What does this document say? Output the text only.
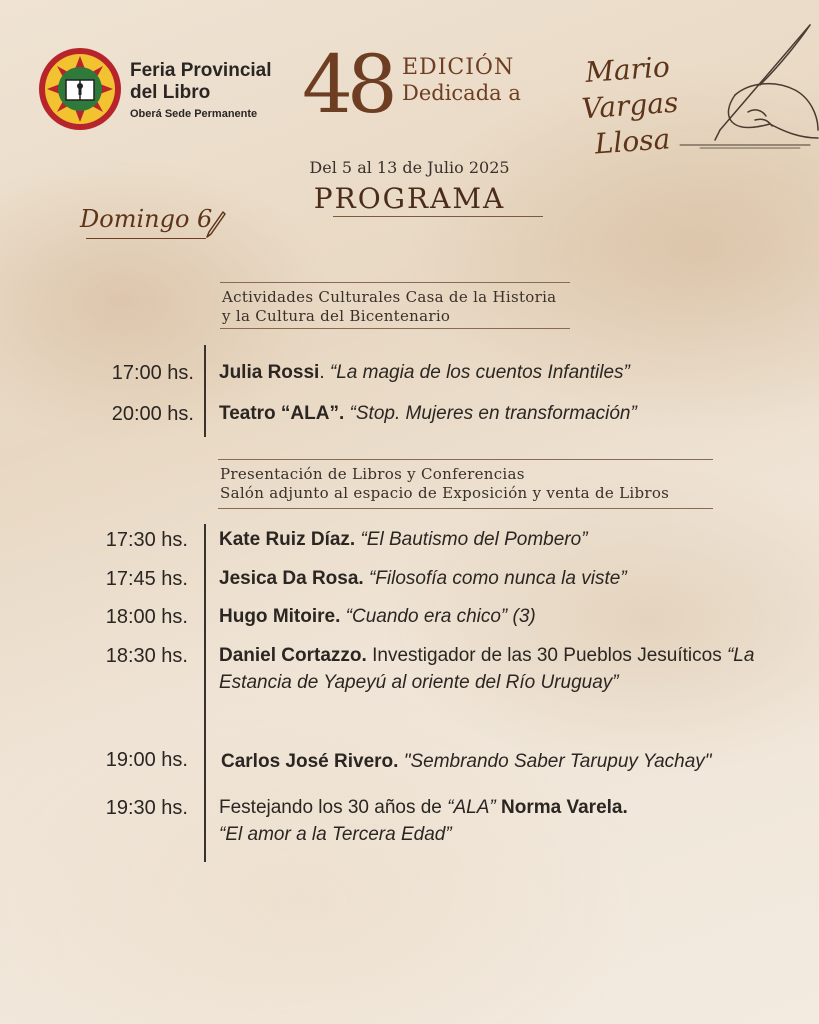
Feria Provincial
del Libro
Oberá Sede Permanente 48 EDICIÓN
Dedicada a
Mario Vargas
Llosa
Del 5 al 13 de Julio 2025
PROGRAMA
Domingo 6
Actividades Culturales Casa de la Historia
y la Cultura del Bicentenario
17:00 hs. Julia Rossi. “La magia de los cuentos Infantiles”
20:00 hs. Teatro “ALA”. “Stop. Mujeres en transformación”
Presentación de Libros y Conferencias
Salón adjunto al espacio de Exposición y venta de Libros
17:30 hs. Kate Ruiz Díaz. “El Bautismo del Pombero”
17:45 hs. Jesica Da Rosa. “Filosofía como nunca la viste”
18:00 hs. Hugo Mitoire. “Cuando era chico” (3)
18:30 hs. Daniel Cortazzo. Investigador de las 30 Pueblos Jesuíticos “La Estancia de Yapeyú al oriente del Río Uruguay”
19:00 hs. Carlos José Rivero. "Sembrando Saber Tarupuy Yachay"
19:30 hs. Festejando los 30 años de “ALA” Norma Varela.
“El amor a la Tercera Edad”
